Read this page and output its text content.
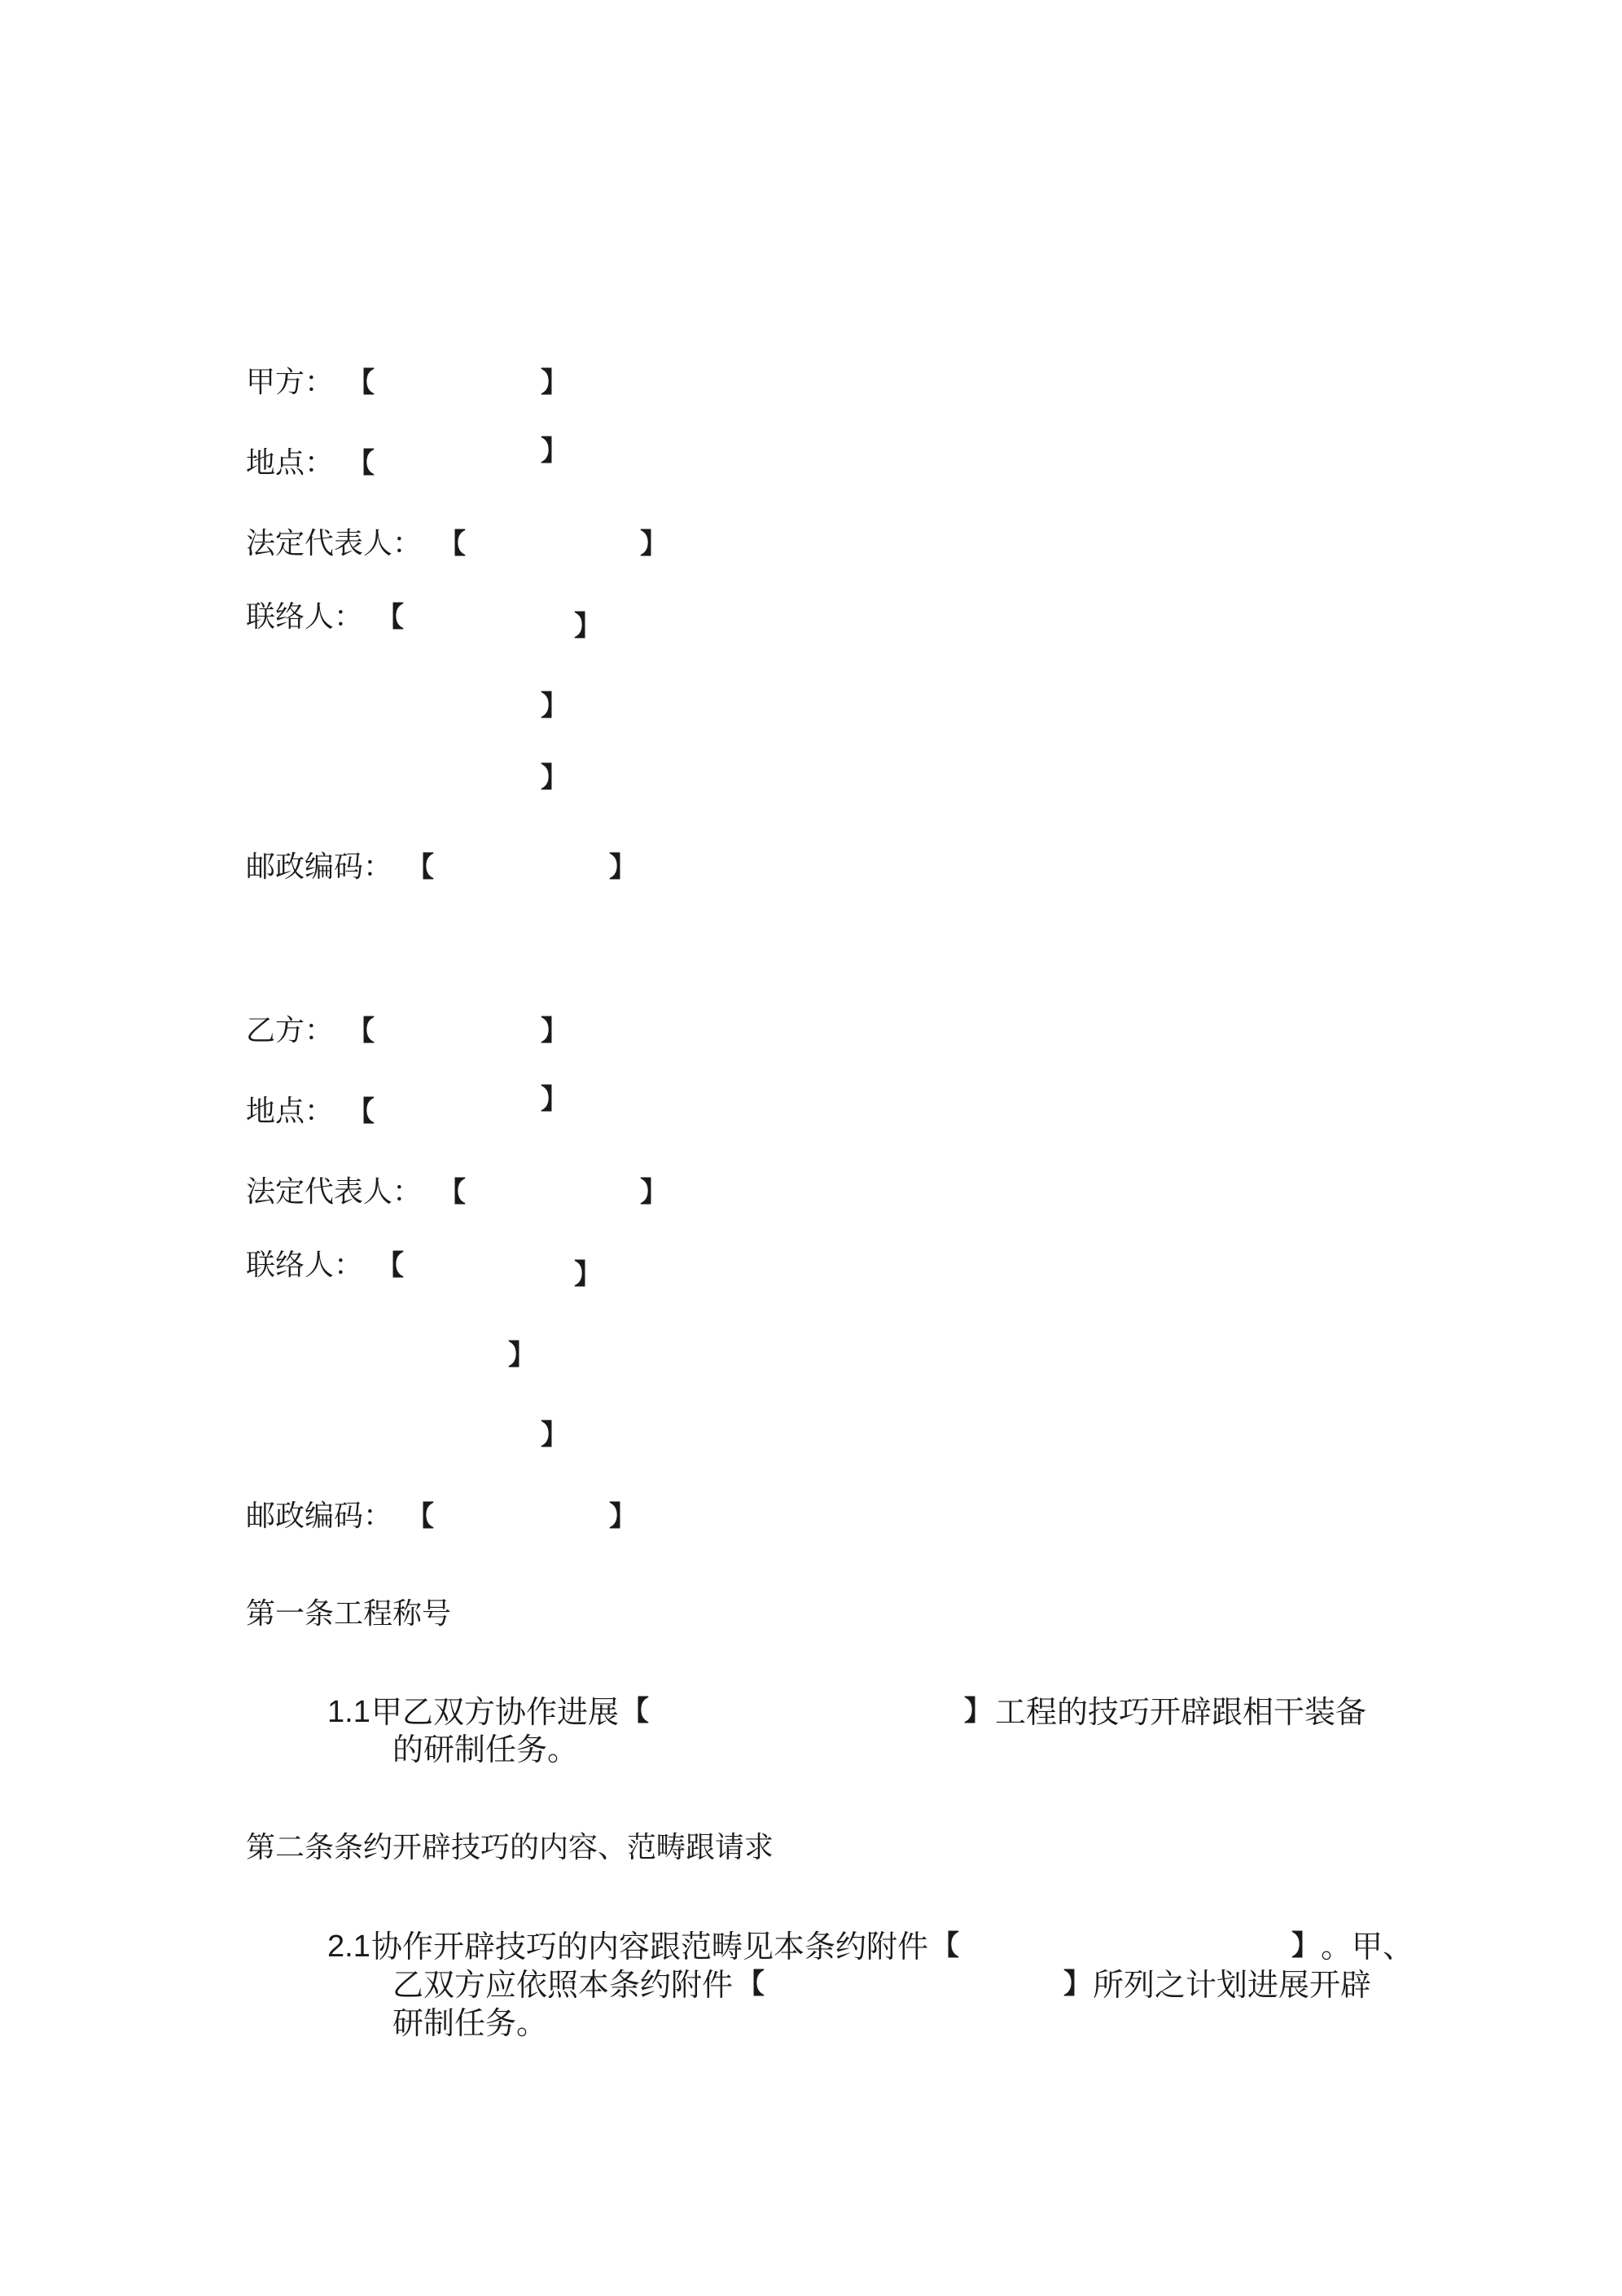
甲方： 【	】
地点： 【	】
法定代表人： 【	】
联络人： 【	】
】
】
邮政编码： 【	】
乙方： 【	】
地点： 【	】
法定代表人： 【	】
联络人： 【	】
】
】
邮政编码： 【	】
第一条工程称号
1.1 甲乙双方协作进展 【	】 工程的技巧开辟跟相干装备
的研制任务。
第二条条约开辟技巧的内容、范畴跟请求
2.1 协作开辟技巧的内容跟范畴见本条约附件 【	】 。甲、
乙双方应依照本条约附件 【	】 所列之计划进展开辟
研制任务。
